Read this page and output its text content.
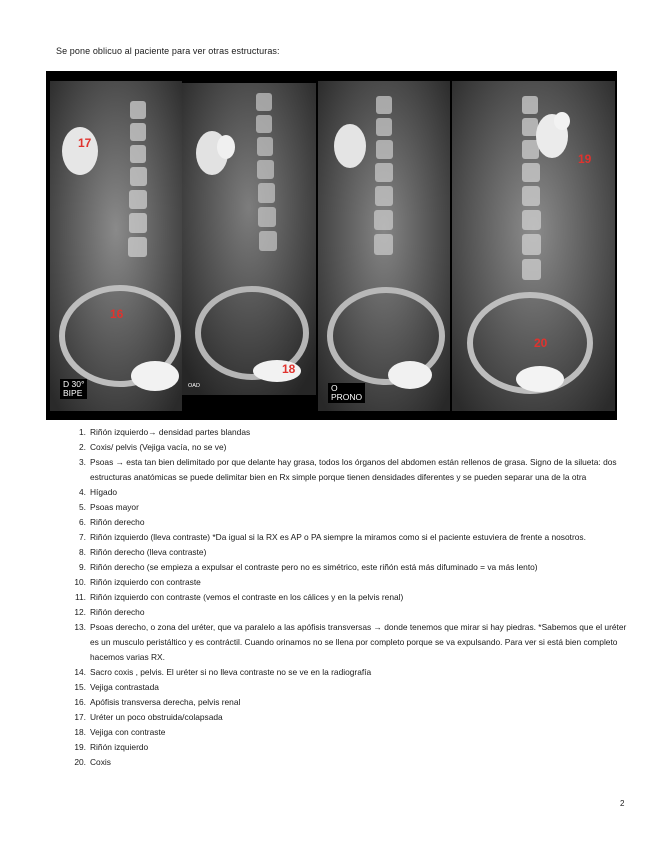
Se pone oblicuo al paciente para ver otras estructuras:
17
16
D 30°
BIPE
18
OAD	O
PRONO
19
20
1. Riñón izquierdo→ densidad partes blandas
2. Coxis/ pelvis (Vejiga vacía, no se ve)
3. Psoas → esta tan bien delimitado por que delante hay grasa, todos los órganos del abdomen están rellenos de grasa. Signo de la silueta: dos estructuras anatómicas se puede delimitar bien en Rx simple porque tienen densidades diferentes y se pueden separar una de la otra
4. Hígado
5. Psoas mayor
6. Riñón derecho
7. Riñón izquierdo (lleva contraste) *Da igual si la RX es AP o PA siempre la miramos como si el paciente estuviera de frente a nosotros.
8. Riñón derecho (lleva contraste)
9. Riñón derecho (se empieza a expulsar el contraste pero no es simétrico, este riñón está más difuminado = va más lento)
10. Riñón izquierdo con contraste
11. Riñón izquierdo con contraste (vemos el contraste en los cálices y en la pelvis renal)
12. Riñón derecho
13. Psoas derecho, o zona del uréter, que va paralelo a las apófisis transversas → donde tenemos que mirar si hay piedras. *Sabemos que el uréter es un musculo peristáltico y es contráctil. Cuando orinamos no se llena por completo porque se va expulsando. Para ver si está bien completo hacemos varias RX.
14. Sacro coxis , pelvis. El uréter si no lleva contraste no se ve en la radiografía
15. Vejiga contrastada
16. Apófisis transversa derecha, pelvis renal
17. Uréter un poco obstruida/colapsada
18. Vejiga con contraste
19. Riñón izquierdo
20. Coxis
2
